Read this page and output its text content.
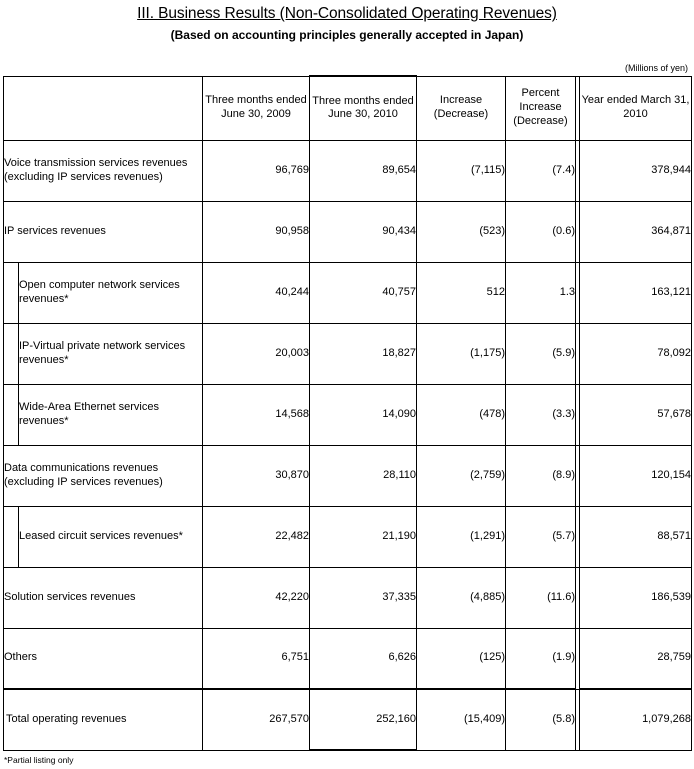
III. Business Results (Non-Consolidated Operating Revenues)
(Based on accounting principles generally accepted in Japan)
(Millions of yen)
		Three months ended June 30, 2009	Three months ended June 30, 2010	Increase (Decrease)	Percent Increase (Decrease)		Year ended March 31, 2010
Voice transmission services revenues (excluding IP services revenues)		96,769	89,654	(7,115)	(7.4)		378,944
IP services revenues		90,958	90,434	(523)	(0.6)		364,871
	Open computer network services revenues*	40,244	40,757	512	1.3		163,121
	IP-Virtual private network services revenues*	20,003	18,827	(1,175)	(5.9)		78,092
	Wide-Area Ethernet services revenues*	14,568	14,090	(478)	(3.3)		57,678
Data communications revenues (excluding IP services revenues)		30,870	28,110	(2,759)	(8.9)		120,154
	Leased circuit services revenues*	22,482	21,190	(1,291)	(5.7)		88,571
Solution services revenues		42,220	37,335	(4,885)	(11.6)		186,539
Others		6,751	6,626	(125)	(1.9)		28,759
Total operating revenues		267,570	252,160	(15,409)	(5.8)		1,079,268
*Partial listing only
